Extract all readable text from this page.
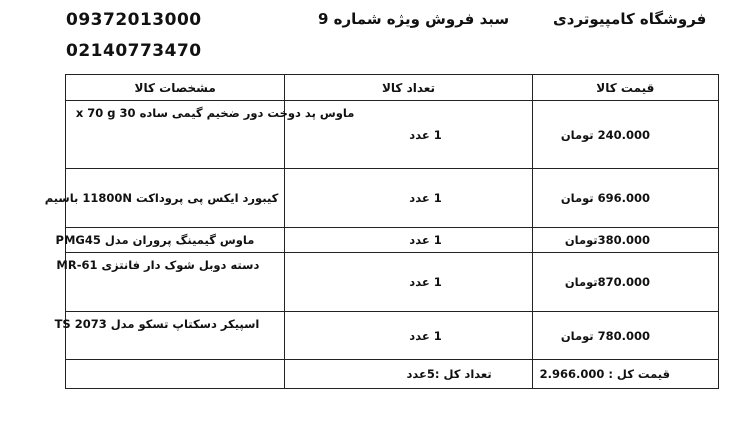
09372013000
02140773470
سبد فروش ویژه شماره 9	فروشگاه کامپیوتردی
قیمت کالا	تعداد کالا	مشخصات کالا
240.000 تومان	1 عدد	ماوس پد دوخت دور ضخیم گیمی ساده 30 x 70 g
696.000 تومان	1 عدد	کیبورد ایکس پی پروداکت 11800N باسیم
380.000تومان	1 عدد	ماوس گیمینگ پروران مدل PMG45
870.000تومان	1 عدد	دسته دوبل شوک دار فانتزی MR-61
780.000 تومان	1 عدد	اسپیکر دسکتاپ تسکو مدل TS 2073
قیمت کل : 2.966.000	تعداد کل :5عدد	
